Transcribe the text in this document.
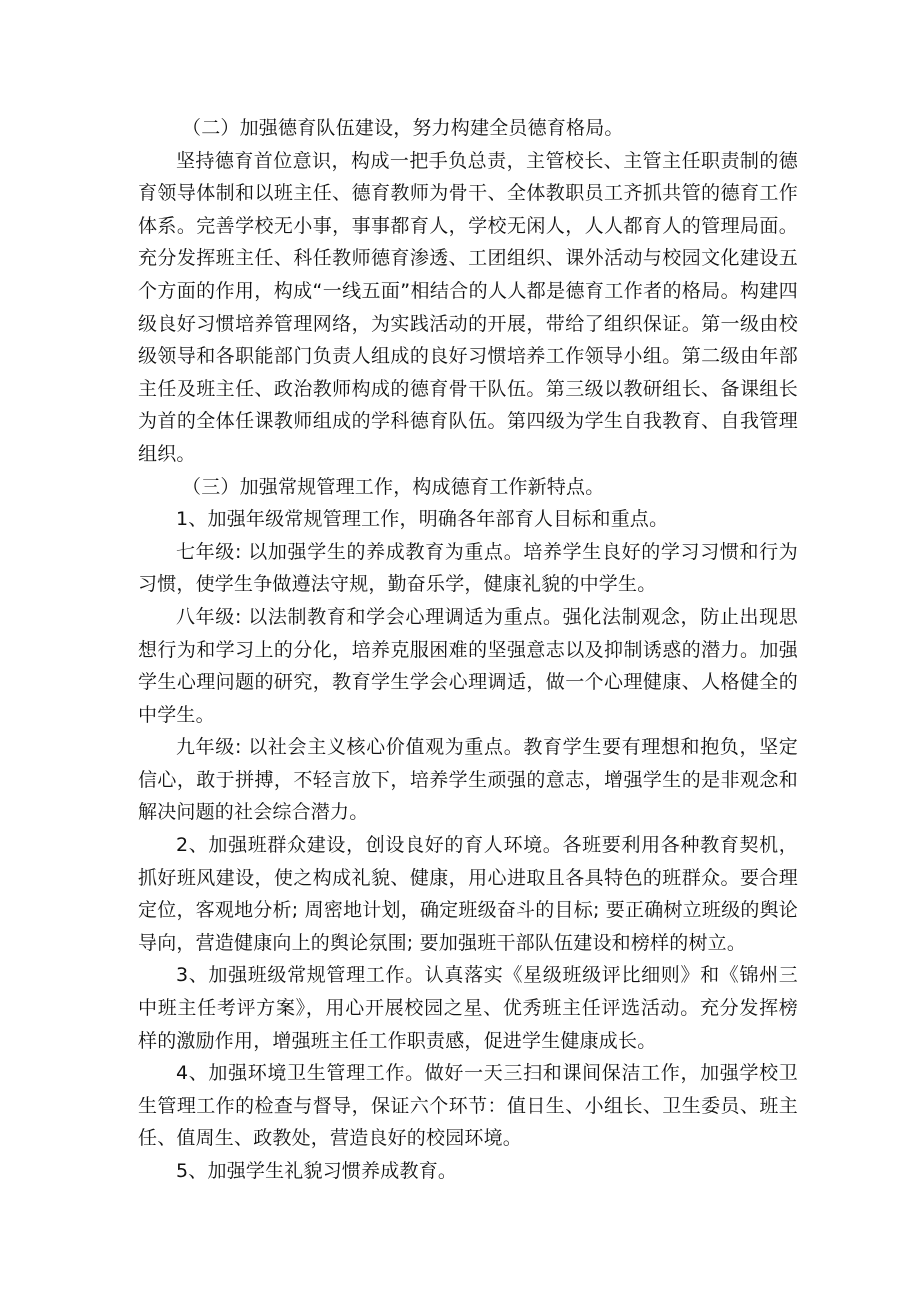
（二）加强德育队伍建设，努力构建全员德育格局。

坚持德育首位意识，构成一把手负总责，主管校长、主管主任职责制的德育领导体制和以班主任、德育教师为骨干、全体教职员工齐抓共管的德育工作体系。完善学校无小事，事事都育人，学校无闲人，人人都育人的管理局面。充分发挥班主任、科任教师德育渗透、工团组织、课外活动与校园文化建设五个方面的作用，构成“一线五面”相结合的人人都是德育工作者的格局。构建四级良好习惯培养管理网络，为实践活动的开展，带给了组织保证。第一级由校级领导和各职能部门负责人组成的良好习惯培养工作领导小组。第二级由年部主任及班主任、政治教师构成的德育骨干队伍。第三级以教研组长、备课组长为首的全体任课教师组成的学科德育队伍。第四级为学生自我教育、自我管理组织。

（三）加强常规管理工作，构成德育工作新特点。

1、加强年级常规管理工作，明确各年部育人目标和重点。

七年级: 以加强学生的养成教育为重点。培养学生良好的学习习惯和行为习惯，使学生争做遵法守规，勤奋乐学，健康礼貌的中学生。

八年级: 以法制教育和学会心理调适为重点。强化法制观念，防止出现思想行为和学习上的分化，培养克服困难的坚强意志以及抑制诱惑的潜力。加强学生心理问题的研究，教育学生学会心理调适，做一个心理健康、人格健全的中学生。

九年级: 以社会主义核心价值观为重点。教育学生要有理想和抱负，坚定信心，敢于拼搏，不轻言放下，培养学生顽强的意志，增强学生的是非观念和解决问题的社会综合潜力。

2、加强班群众建设，创设良好的育人环境。各班要利用各种教育契机，抓好班风建设，使之构成礼貌、健康，用心进取且各具特色的班群众。要合理定位，客观地分析; 周密地计划，确定班级奋斗的目标; 要正确树立班级的舆论导向，营造健康向上的舆论氛围; 要加强班干部队伍建设和榜样的树立。

3、加强班级常规管理工作。认真落实《星级班级评比细则》和《锦州三中班主任考评方案》，用心开展校园之星、优秀班主任评选活动。充分发挥榜样的激励作用，增强班主任工作职责感，促进学生健康成长。

4、加强环境卫生管理工作。做好一天三扫和课间保洁工作，加强学校卫生管理工作的检查与督导，保证六个环节：值日生、小组长、卫生委员、班主任、值周生、政教处，营造良好的校园环境。

5、加强学生礼貌习惯养成教育。
